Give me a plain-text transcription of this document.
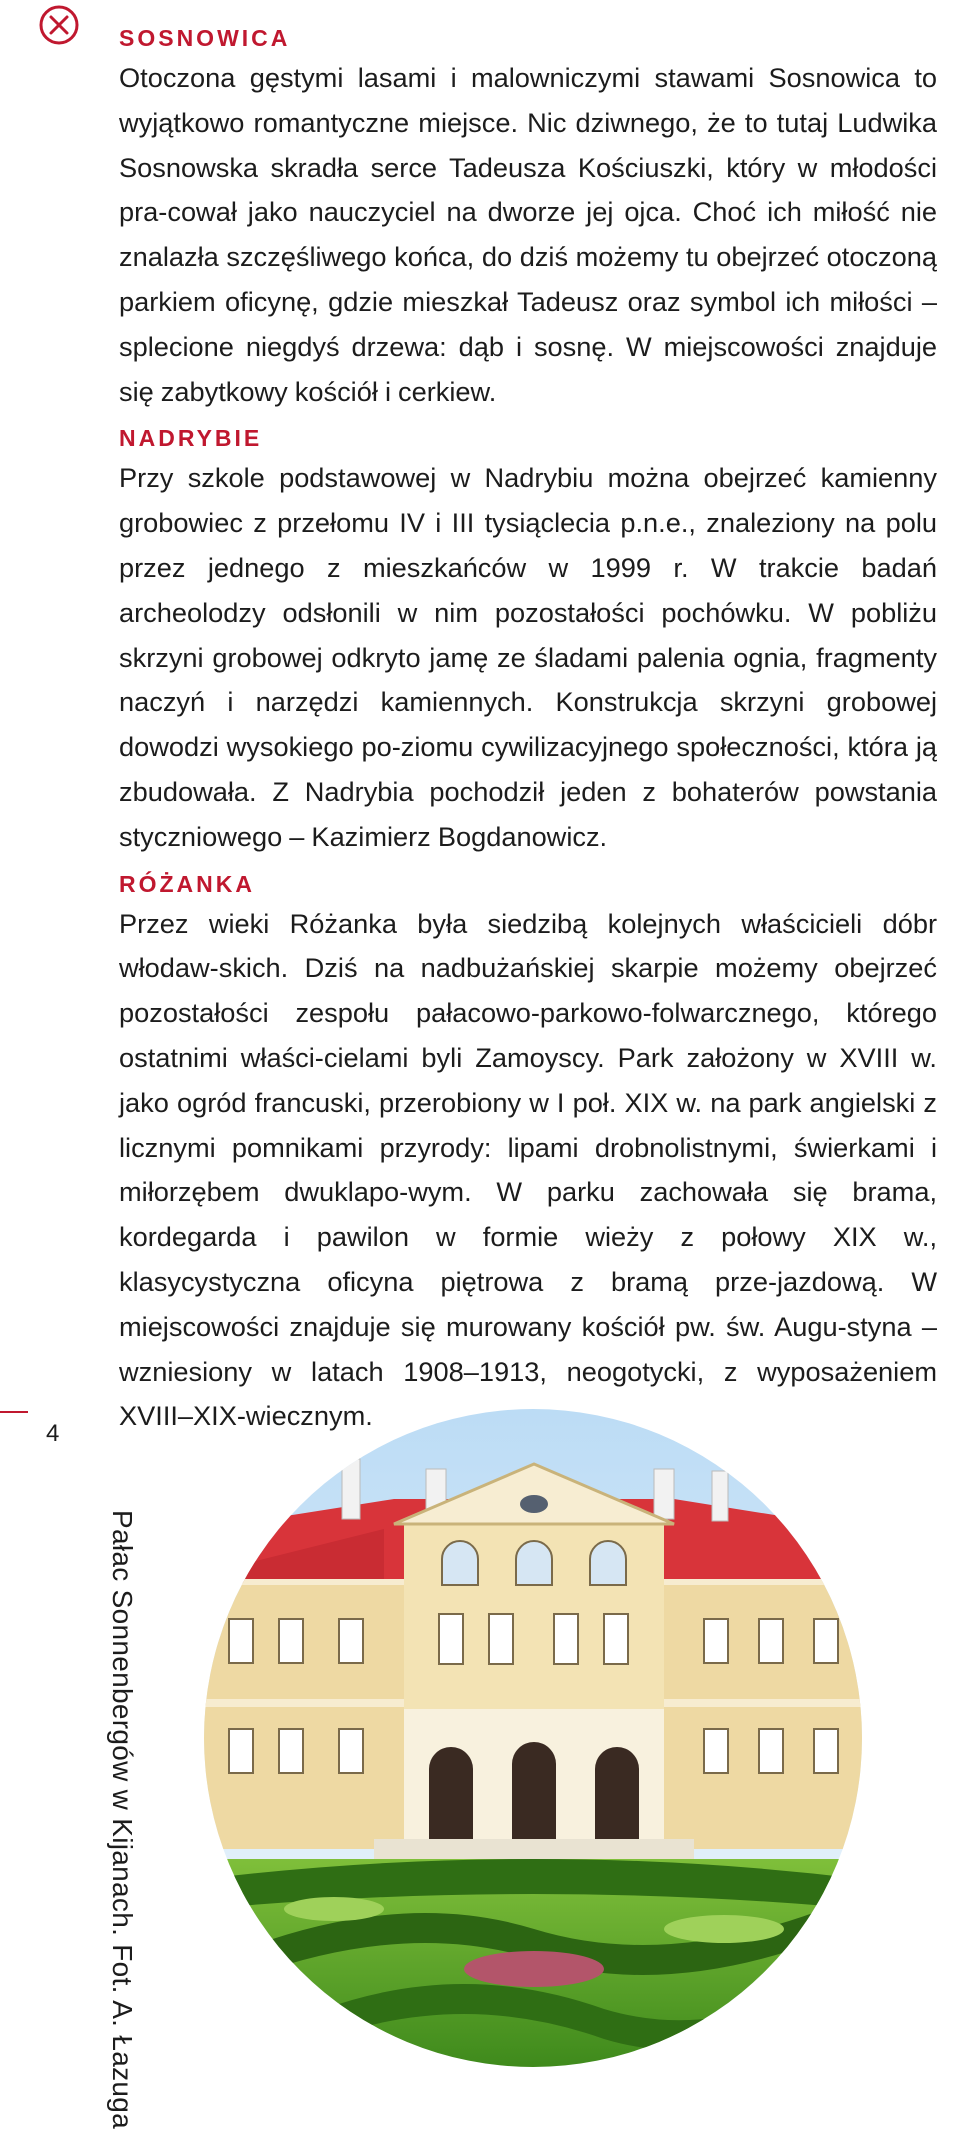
SOSNOWICA

Otoczona gęstymi lasami i malowniczymi stawami Sosnowica to wyjątkowo romantyczne miejsce. Nic dziwnego, że to tutaj Ludwika Sosnowska skradła serce Tadeusza Kościuszki, który w młodości pra-cował jako nauczyciel na dworze jej ojca. Choć ich miłość nie znalazła szczęśliwego końca, do dziś możemy tu obejrzeć otoczoną parkiem oficynę, gdzie mieszkał Tadeusz oraz symbol ich miłości – splecione niegdyś drzewa: dąb i sosnę. W miejscowości znajduje się zabytkowy kościół i cerkiew.

NADRYBIE

Przy szkole podstawowej w Nadrybiu można obejrzeć kamienny grobowiec z przełomu IV i III tysiąclecia p.n.e., znaleziony na polu przez jednego z mieszkańców w 1999 r. W trakcie badań archeolodzy odsłonili w nim pozostałości pochówku. W pobliżu skrzyni grobowej odkryto jamę ze śladami palenia ognia, fragmenty naczyń i narzędzi kamiennych. Konstrukcja skrzyni grobowej dowodzi wysokiego po-ziomu cywilizacyjnego społeczności, która ją zbudowała. Z Nadrybia pochodził jeden z bohaterów powstania styczniowego – Kazimierz Bogdanowicz.

RÓŻANKA

Przez wieki Różanka była siedzibą kolejnych właścicieli dóbr włodaw-skich. Dziś na nadbużańskiej skarpie możemy obejrzeć pozostałości zespołu pałacowo-parkowo-folwarcznego, którego ostatnimi właści-cielami byli Zamoyscy. Park założony w XVIII w. jako ogród francuski, przerobiony w I poł. XIX w. na park angielski z licznymi pomnikami przyrody: lipami drobnolistnymi, świerkami i miłorzębem dwuklapo-wym. W parku zachowała się brama, kordegarda i pawilon w formie wieży z połowy XIX w., klasycystyczna oficyna piętrowa z bramą prze-jazdową. W miejscowości znajduje się murowany kościół pw. św. Augu-styna – wzniesiony w latach 1908–1913, neogotycki, z wyposażeniem XVIII–XIX-wiecznym.

4
Pałac Sonnenbergów w Kijanach. Fot. A. Łazuga
